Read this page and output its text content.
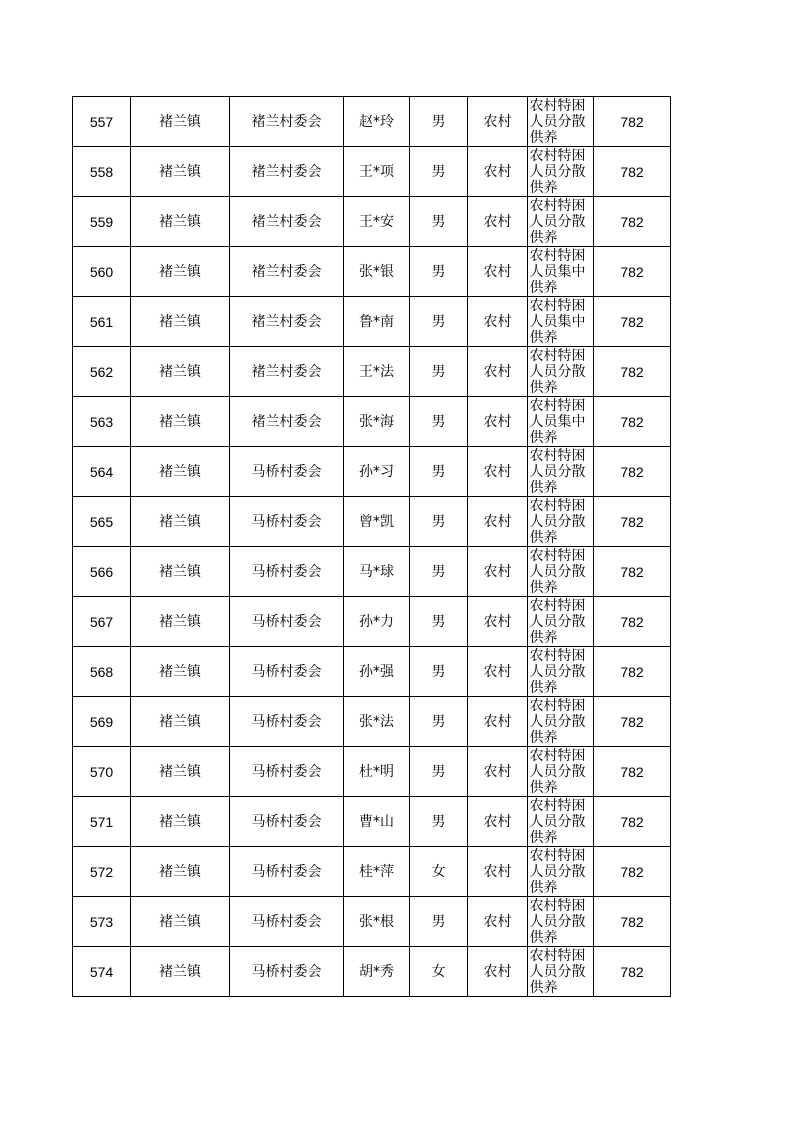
557	褚兰镇	褚兰村委会	赵*玲	男	农村	农村特困人员分散供养	782
558	褚兰镇	褚兰村委会	王*项	男	农村	农村特困人员分散供养	782
559	褚兰镇	褚兰村委会	王*安	男	农村	农村特困人员分散供养	782
560	褚兰镇	褚兰村委会	张*银	男	农村	农村特困人员集中供养	782
561	褚兰镇	褚兰村委会	鲁*南	男	农村	农村特困人员集中供养	782
562	褚兰镇	褚兰村委会	王*法	男	农村	农村特困人员分散供养	782
563	褚兰镇	褚兰村委会	张*海	男	农村	农村特困人员集中供养	782
564	褚兰镇	马桥村委会	孙*习	男	农村	农村特困人员分散供养	782
565	褚兰镇	马桥村委会	曾*凯	男	农村	农村特困人员分散供养	782
566	褚兰镇	马桥村委会	马*球	男	农村	农村特困人员分散供养	782
567	褚兰镇	马桥村委会	孙*力	男	农村	农村特困人员分散供养	782
568	褚兰镇	马桥村委会	孙*强	男	农村	农村特困人员分散供养	782
569	褚兰镇	马桥村委会	张*法	男	农村	农村特困人员分散供养	782
570	褚兰镇	马桥村委会	杜*明	男	农村	农村特困人员分散供养	782
571	褚兰镇	马桥村委会	曹*山	男	农村	农村特困人员分散供养	782
572	褚兰镇	马桥村委会	桂*萍	女	农村	农村特困人员分散供养	782
573	褚兰镇	马桥村委会	张*根	男	农村	农村特困人员分散供养	782
574	褚兰镇	马桥村委会	胡*秀	女	农村	农村特困人员分散供养	782
